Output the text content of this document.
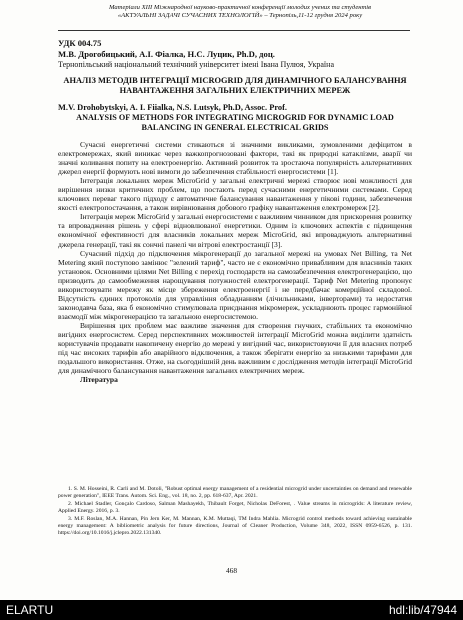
Матеріали XIII Міжнародної науково-практичної конференції молодих учених та студентів
«АКТУАЛЬНІ ЗАДАЧІ СУЧАСНИХ ТЕХНОЛОГІЙ» – Тернопіль,11-12 грудня 2024 року
УДК 004.75
М.В. Дрогобицький, А.І. Фіалка, Н.С. Луцик, Ph.D, доц.
Тернопільський національний технічний університет імені Івана Пулюя, Україна
АНАЛІЗ МЕТОДІВ ІНТЕГРАЦІЇ MICROGRID ДЛЯ ДИНАМІЧНОГО БАЛАНСУВАННЯ НАВАНТАЖЕННЯ ЗАГАЛЬНИХ ЕЛЕКТРИЧНИХ МЕРЕЖ
M.V. Drohobytskyi, A. I. Fiialka, N.S. Lutsyk, Ph.D, Assoc. Prof.
ANALYSIS OF METHODS FOR INTEGRATING MICROGRID FOR DYNAMIC LOAD BALANCING IN GENERAL ELECTRICAL GRIDS

Сучасні енергетичні системи стикаються зі значними викликами, зумовленими дефіцитом в електромережах, який виникає через важкопрогнозовані фактори, такі як природні катаклізми, аварії чи значні коливання попиту на електроенергію. Активний розвиток та зростаюча популярність альтернативних джерел енергії формують нові вимоги до забезпечення стабільності енергосистеми [1].

Інтеграція локальних мереж MicroGrid у загальні електричні мережі створює нові можливості для вирішення низки критичних проблем, що постають перед сучасними енергетичними системами. Серед ключових переваг такого підходу є автоматичне балансування навантаження у пікові години, забезпечення якості електропостачання, а також вирівнювання добового графіку навантаження електромереж [2].

Інтеграція мереж MicroGrid у загальні енергосистеми є важливим чинником для прискорення розвитку та впровадження рішень у сфері відновлюваної енергетики. Одним із ключових аспектів є підвищення економічної ефективності для власників локальних мереж MicroGrid, які впроваджують альтернативні джерела генерації, такі як сончні панелі чи вітрові електростанції [3].

Сучасний підхід до підключення мікрогенерації до загальної мережі на умовах Net Billing, та Net Metering який поступово замінює "зелений тариф", часто не є економічно привабливим для власників таких установок. Основними цілями Net Billing є перехід господарств на самозабезпечення електрогенерацією, що призводить до самообмеження нарощування потужностей електрогенерації. Тариф Net Metering пропонує використовувати мережу як місце збереження електроенергії і не передбачає комерційної складової. Відсутність єдиних протоколів для управління обладнанням (лічильниками, інверторами) та недостатня законодавча база, яка б економічно стимулювала приєднання мікромереж, ускладнюють процес гармонійної взаємодії між мікрогенерацією та загальною енергосистемою.

Вирішення цих проблем має важливе значення для створення гнучких, стабільних та економічно вигідних енергосистем. Серед перспективних можливостей інтеграції MicroGrid можна виділити здатність користувачів продавати накопичену енергію до мережі у вигідний час, використовуючи її для власних потреб під час високих тарифів або аварійного відключення, а також зберігати енергію за низькими тарифами для подальшого використання. Отже, на сьогоднішній день важливим є дослідження методів інтеграції MicroGrid для динамічного балансування навантаження загальних електричних мереж.

Література

1. S. M. Hosseini, R. Carli and M. Dotoli, "Robust optimal energy management of a residential microgrid under uncertainties on demand and renewable power generation", IEEE Trans. Autom. Sci. Eng., vol. 18, no. 2, pp. 618-637, Apr. 2021.

2. Michael Stadler, Gonçalo Cardoso, Salman Mashayekh, Thibault Forget, Nicholas DeForest, . Value streams in microgrids: A literature review, Applied Energy. 2016, p. 3.

3. M.F. Roslan, M.A. Hannan, Pin Jern Ker, M. Mannan, K.M. Muttaqi, TM Indra Mahlia. Microgrid control methods toward achieving sustainable energy management: A bibliometric analysis for future directions, Journal of Cleaner Production, Volume 348, 2022, ISSN 0959-6526, p. 131. https://doi.org/10.1016/j.jclepro.2022.131340.

468
ELARTU	hdl:lib/47944
